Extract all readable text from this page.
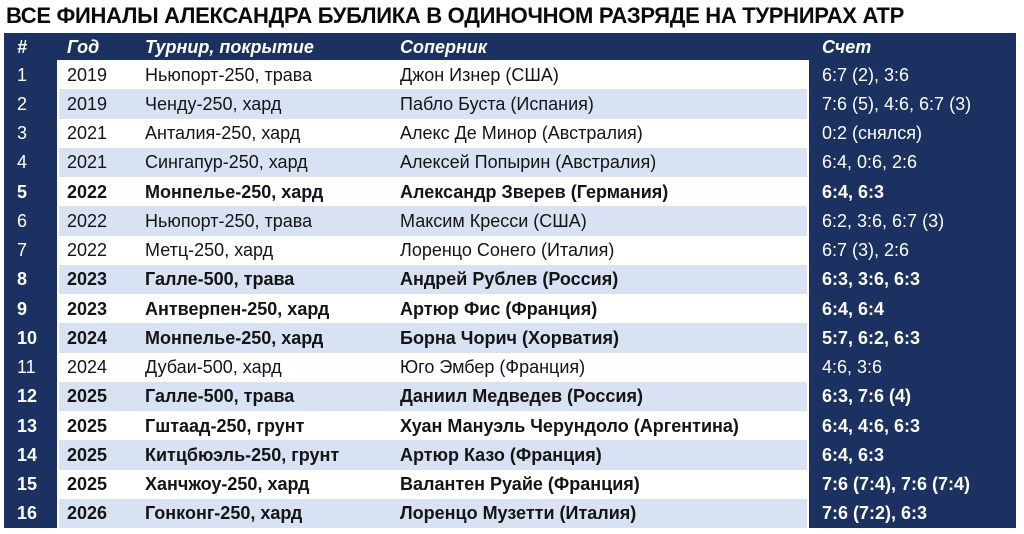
ВСЕ ФИНАЛЫ АЛЕКСАНДРА БУБЛИКА В ОДИНОЧНОМ РАЗРЯДЕ НА ТУРНИРАХ ATP
#	Год	Турнир, покрытие	Соперник	Счет
1	2019	Ньюпорт-250, трава	Джон Изнер (США)	6:7 (2), 3:6
2	2019	Ченду-250, хард	Пабло Буста (Испания)	7:6 (5), 4:6, 6:7 (3)
3	2021	Анталия-250, хард	Алекс Де Минор (Австралия)	0:2 (снялся)
4	2021	Сингапур-250, хард	Алексей Попырин (Австралия)	6:4, 0:6, 2:6
5	2022	Монпелье-250, хард	Александр Зверев (Германия)	6:4, 6:3
6	2022	Ньюпорт-250, трава	Максим Кресси (США)	6:2, 3:6, 6:7 (3)
7	2022	Метц-250, хард	Лоренцо Сонего (Италия)	6:7 (3), 2:6
8	2023	Галле-500, трава	Андрей Рублев (Россия)	6:3, 3:6, 6:3
9	2023	Антверпен-250, хард	Артюр Фис (Франция)	6:4, 6:4
10	2024	Монпелье-250, хард	Борна Чорич (Хорватия)	5:7, 6:2, 6:3
11	2024	Дубаи-500, хард	Юго Эмбер (Франция)	4:6, 3:6
12	2025	Галле-500, трава	Даниил Медведев (Россия)	6:3, 7:6 (4)
13	2025	Гштаад-250, грунт	Хуан Мануэль Черундоло (Аргентина)	6:4, 4:6, 6:3
14	2025	Китцбюэль-250, грунт	Артюр Казо (Франция)	6:4, 6:3
15	2025	Ханчжоу-250, хард	Валантен Руайе (Франция)	7:6 (7:4), 7:6 (7:4)
16	2026	Гонконг-250, хард	Лоренцо Музетти (Италия)	7:6 (7:2), 6:3
